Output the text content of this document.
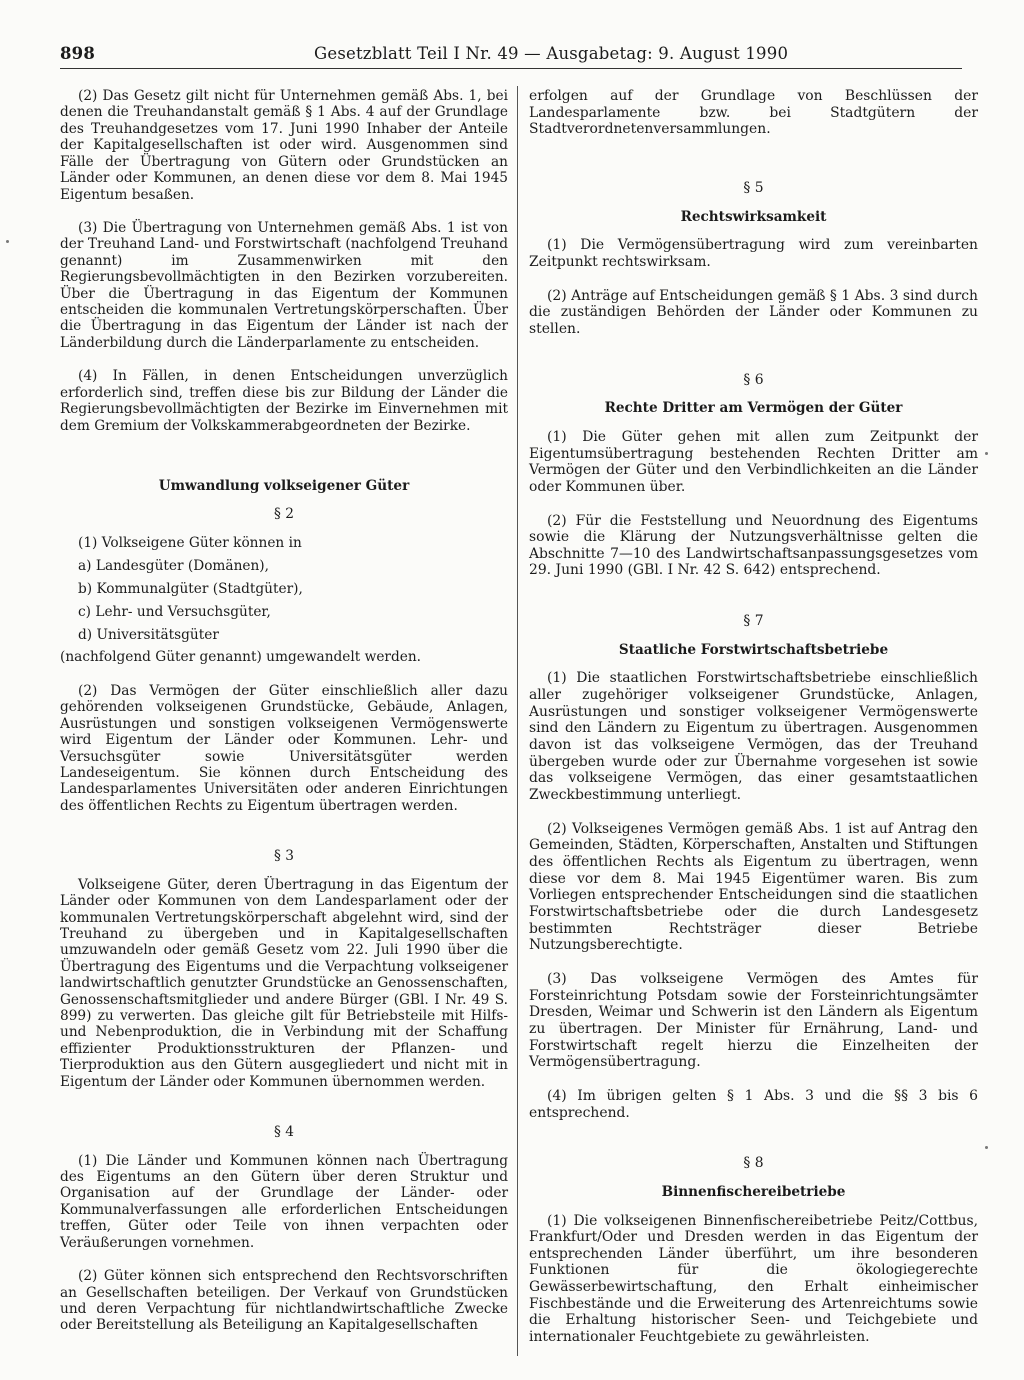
898	Gesetzblatt Teil I Nr. 49 — Ausgabetag: 9. August 1990

(2) Das Gesetz gilt nicht für Unternehmen gemäß Abs. 1, bei denen die Treuhandanstalt gemäß § 1 Abs. 4 auf der Grundlage des Treuhandgesetzes vom 17. Juni 1990 Inhaber der Anteile der Kapitalgesellschaften ist oder wird. Ausgenommen sind Fälle der Übertragung von Gütern oder Grundstücken an Länder oder Kommunen, an denen diese vor dem 8. Mai 1945 Eigentum besaßen.

(3) Die Übertragung von Unternehmen gemäß Abs. 1 ist von der Treuhand Land- und Forstwirtschaft (nachfolgend Treuhand genannt) im Zusammenwirken mit den Regierungsbevollmächtigten in den Bezirken vorzubereiten. Über die Übertragung in das Eigentum der Kommunen entscheiden die kommunalen Vertretungskörperschaften. Über die Übertragung in das Eigentum der Länder ist nach der Länderbildung durch die Länderparlamente zu entscheiden.

(4) In Fällen, in denen Entscheidungen unverzüglich erforderlich sind, treffen diese bis zur Bildung der Länder die Regierungsbevollmächtigten der Bezirke im Einvernehmen mit dem Gremium der Volkskammerabgeordneten der Bezirke.

Umwandlung volkseigener Güter
§ 2

(1) Volkseigene Güter können in

a) Landesgüter (Domänen),

b) Kommunalgüter (Stadtgüter),

c) Lehr- und Versuchsgüter,

d) Universitätsgüter

(nachfolgend Güter genannt) umgewandelt werden.

(2) Das Vermögen der Güter einschließlich aller dazu gehörenden volkseigenen Grundstücke, Gebäude, Anlagen, Ausrüstungen und sonstigen volkseigenen Vermögenswerte wird Eigentum der Länder oder Kommunen. Lehr- und Versuchsgüter sowie Universitätsgüter werden Landeseigentum. Sie können durch Entscheidung des Landesparlamentes Universitäten oder anderen Einrichtungen des öffentlichen Rechts zu Eigentum übertragen werden.

§ 3

Volkseigene Güter, deren Übertragung in das Eigentum der Länder oder Kommunen von dem Landesparlament oder der kommunalen Vertretungskörperschaft abgelehnt wird, sind der Treuhand zu übergeben und in Kapitalgesellschaften umzuwandeln oder gemäß Gesetz vom 22. Juli 1990 über die Übertragung des Eigentums und die Verpachtung volkseigener landwirtschaftlich genutzter Grundstücke an Genossenschaften, Genossenschaftsmitglieder und andere Bürger (GBl. I Nr. 49 S. 899) zu verwerten. Das gleiche gilt für Betriebsteile mit Hilfs- und Nebenproduktion, die in Verbindung mit der Schaffung effizienter Produktionsstrukturen der Pflanzen- und Tierproduktion aus den Gütern ausgegliedert und nicht mit in Eigentum der Länder oder Kommunen übernommen werden.

§ 4

(1) Die Länder und Kommunen können nach Übertragung des Eigentums an den Gütern über deren Struktur und Organisation auf der Grundlage der Länder- oder Kommunalverfassungen alle erforderlichen Entscheidungen treffen, Güter oder Teile von ihnen verpachten oder Veräußerungen vornehmen.

(2) Güter können sich entsprechend den Rechtsvorschriften an Gesellschaften beteiligen. Der Verkauf von Grundstücken und deren Verpachtung für nichtlandwirtschaftliche Zwecke oder Bereitstellung als Beteiligung an Kapitalgesellschaften

erfolgen auf der Grundlage von Beschlüssen der Landesparlamente bzw. bei Stadtgütern der Stadtverordnetenversammlungen.

§ 5
Rechtswirksamkeit

(1) Die Vermögensübertragung wird zum vereinbarten Zeitpunkt rechtswirksam.

(2) Anträge auf Entscheidungen gemäß § 1 Abs. 3 sind durch die zuständigen Behörden der Länder oder Kommunen zu stellen.

§ 6
Rechte Dritter am Vermögen der Güter

(1) Die Güter gehen mit allen zum Zeitpunkt der Eigentumsübertragung bestehenden Rechten Dritter am Vermögen der Güter und den Verbindlichkeiten an die Länder oder Kommunen über.

(2) Für die Feststellung und Neuordnung des Eigentums sowie die Klärung der Nutzungsverhältnisse gelten die Abschnitte 7—10 des Landwirtschaftsanpassungsgesetzes vom 29. Juni 1990 (GBl. I Nr. 42 S. 642) entsprechend.

§ 7
Staatliche Forstwirtschaftsbetriebe

(1) Die staatlichen Forstwirtschaftsbetriebe einschließlich aller zugehöriger volkseigener Grundstücke, Anlagen, Ausrüstungen und sonstiger volkseigener Vermögenswerte sind den Ländern zu Eigentum zu übertragen. Ausgenommen davon ist das volkseigene Vermögen, das der Treuhand übergeben wurde oder zur Übernahme vorgesehen ist sowie das volkseigene Vermögen, das einer gesamtstaatlichen Zweckbestimmung unterliegt.

(2) Volkseigenes Vermögen gemäß Abs. 1 ist auf Antrag den Gemeinden, Städten, Körperschaften, Anstalten und Stiftungen des öffentlichen Rechts als Eigentum zu übertragen, wenn diese vor dem 8. Mai 1945 Eigentümer waren. Bis zum Vorliegen entsprechender Entscheidungen sind die staatlichen Forstwirtschaftsbetriebe oder die durch Landesgesetz bestimmten Rechtsträger dieser Betriebe Nutzungsberechtigte.

(3) Das volkseigene Vermögen des Amtes für Forsteinrichtung Potsdam sowie der Forsteinrichtungsämter Dresden, Weimar und Schwerin ist den Ländern als Eigentum zu übertragen. Der Minister für Ernährung, Land- und Forstwirtschaft regelt hierzu die Einzelheiten der Vermögensübertragung.

(4) Im übrigen gelten § 1 Abs. 3 und die §§ 3 bis 6 entsprechend.

§ 8
Binnenfischereibetriebe

(1) Die volkseigenen Binnenfischereibetriebe Peitz/Cottbus, Frankfurt/Oder und Dresden werden in das Eigentum der entsprechenden Länder überführt, um ihre besonderen Funktionen für die ökologiegerechte Gewässerbewirtschaftung, den Erhalt einheimischer Fischbestände und die Erweiterung des Artenreichtums sowie die Erhaltung historischer Seen- und Teichgebiete und internationaler Feuchtgebiete zu gewährleisten.
